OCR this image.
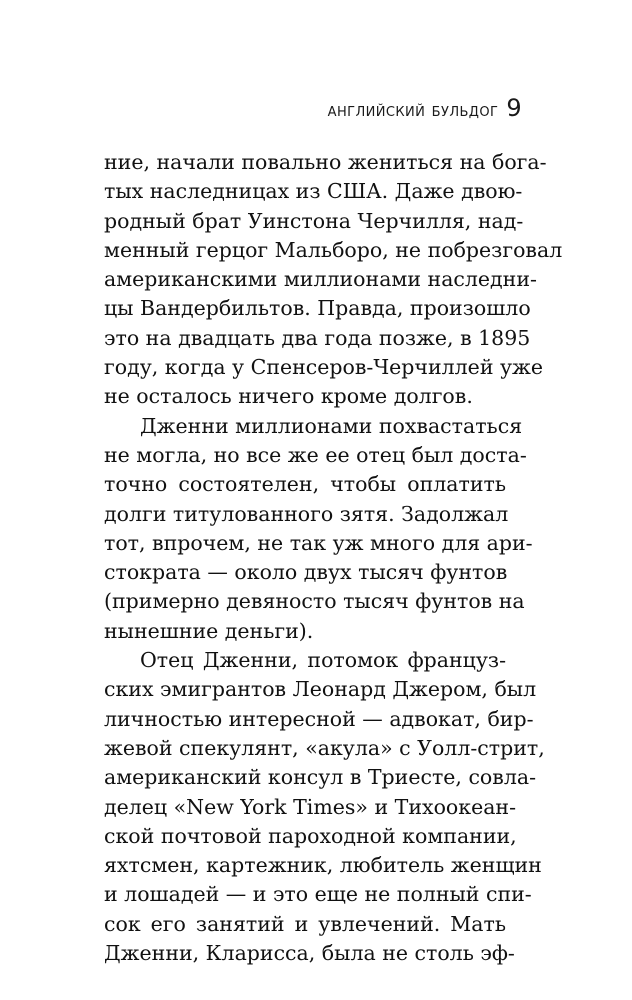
английский бульдог 9
ние, начали повально жениться на бога-
тых наследницах из США. Даже двою-
родный брат Уинстона Черчилля, над-
менный герцог Мальборо, не побрезговал
американскими миллионами наследни-
цы Вандербильтов. Правда, произошло
это на двадцать два года позже, в 1895
году, когда у Спенсеров-Черчиллей уже
не осталось ничего кроме долгов.
Дженни миллионами похвастаться
не могла, но все же ее отец был доста-
точно состоятелен, чтобы оплатить
долги титулованного зятя. Задолжал
тот, впрочем, не так уж много для ари-
стократа — около двух тысяч фунтов
(примерно девяносто тысяч фунтов на
нынешние деньги).
Отец Дженни, потомок француз-
ских эмигрантов Леонард Джером, был
личностью интересной — адвокат, бир-
жевой спекулянт, «акула» с Уолл-стрит,
американский консул в Триесте, совла-
делец «New York Times» и Тихоокеан-
ской почтовой пароходной компании,
яхтсмен, картежник, любитель женщин
и лошадей — и это еще не полный спи-
сок его занятий и увлечений. Мать
Дженни, Кларисса, была не столь эф-
